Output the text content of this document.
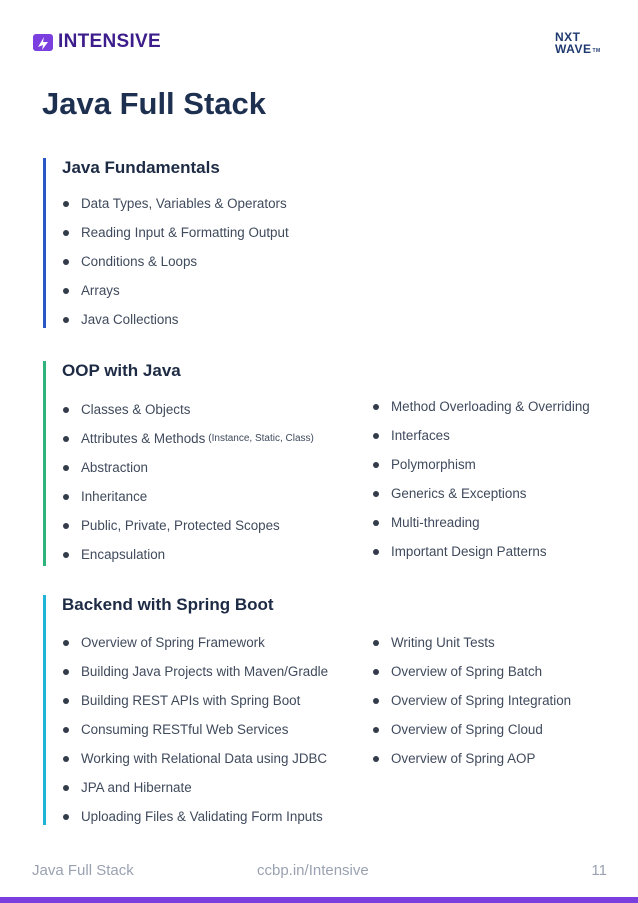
INTENSIVE	NXT
WAVETM
Java Full Stack
Java Fundamentals
Data Types, Variables & Operators
Reading Input & Formatting Output
Conditions & Loops
Arrays
Java Collections
OOP with Java
Classes & Objects
Attributes & Methods (Instance, Static, Class)
Abstraction
Inheritance
Public, Private, Protected Scopes
Encapsulation
Method Overloading & Overriding
Interfaces
Polymorphism
Generics & Exceptions
Multi-threading
Important Design Patterns
Backend with Spring Boot
Overview of Spring Framework
Building Java Projects with Maven/Gradle
Building REST APIs with Spring Boot
Consuming RESTful Web Services
Working with Relational Data using JDBC
JPA and Hibernate
Uploading Files & Validating Form Inputs
Writing Unit Tests
Overview of Spring Batch
Overview of Spring Integration
Overview of Spring Cloud
Overview of Spring AOP
Java Full Stack	ccbp.in/Intensive	11
